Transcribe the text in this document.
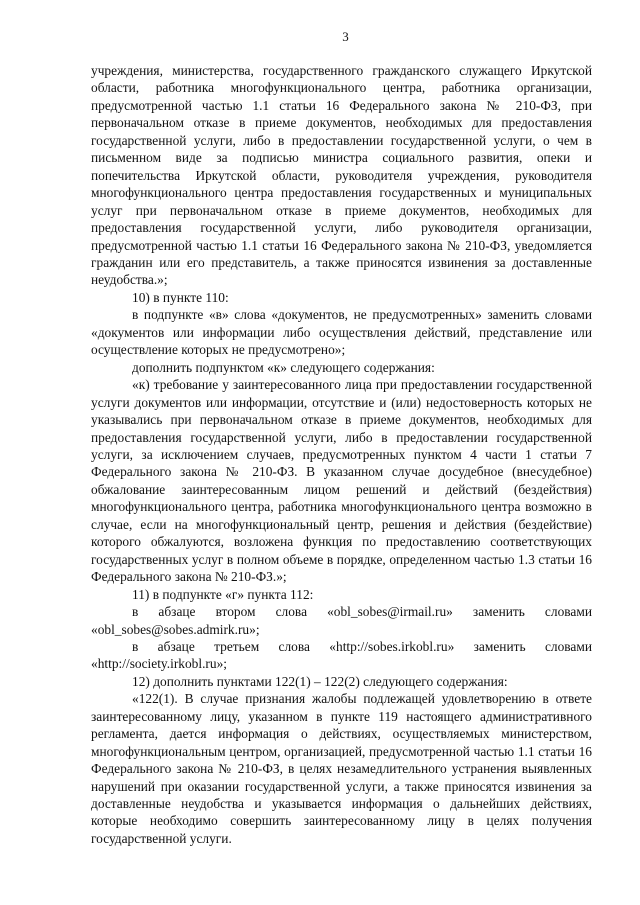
3

учреждения, министерства, государственного гражданского служащего Иркутской области, работника многофункционального центра, работника организации, предусмотренной частью 1.1 статьи 16 Федерального закона № 210-ФЗ, при первоначальном отказе в приеме документов, необходимых для предоставления государственной услуги, либо в предоставлении государственной услуги, о чем в письменном виде за подписью министра социального развития, опеки и попечительства Иркутской области, руководителя учреждения, руководителя многофункционального центра предоставления государственных и муниципальных услуг при первоначальном отказе в приеме документов, необходимых для предоставления государственной услуги, либо руководителя организации, предусмотренной частью 1.1 статьи 16 Федерального закона № 210-ФЗ, уведомляется гражданин или его представитель, а также приносятся извинения за доставленные неудобства.»;

10) в пункте 110:

в подпункте «в» слова «документов, не предусмотренных» заменить словами «документов или информации либо осуществления действий, представление или осуществление которых не предусмотрено»;

дополнить подпунктом «к» следующего содержания:

«к) требование у заинтересованного лица при предоставлении государственной услуги документов или информации, отсутствие и (или) недостоверность которых не указывались при первоначальном отказе в приеме документов, необходимых для предоставления государственной услуги, либо в предоставлении государственной услуги, за исключением случаев, предусмотренных пунктом 4 части 1 статьи 7 Федерального закона № 210-ФЗ. В указанном случае досудебное (внесудебное) обжалование заинтересованным лицом решений и действий (бездействия) многофункционального центра, работника многофункционального центра возможно в случае, если на многофункциональный центр, решения и действия (бездействие) которого обжалуются, возложена функция по предоставлению соответствующих государственных услуг в полном объеме в порядке, определенном частью 1.3 статьи 16 Федерального закона № 210-ФЗ.»;

11) в подпункте «г» пункта 112:

в абзаце втором слова «obl_sobes@irmail.ru» заменить словами «obl_sobes@sobes.admirk.ru»;

в абзаце третьем слова «http://sobes.irkobl.ru» заменить словами «http://society.irkobl.ru»;

12) дополнить пунктами 122(1) – 122(2) следующего содержания:

«122(1). В случае признания жалобы подлежащей удовлетворению в ответе заинтересованному лицу, указанном в пункте 119 настоящего административного регламента, дается информация о действиях, осуществляемых министерством, многофункциональным центром, организацией, предусмотренной частью 1.1 статьи 16 Федерального закона № 210-ФЗ, в целях незамедлительного устранения выявленных нарушений при оказании государственной услуги, а также приносятся извинения за доставленные неудобства и указывается информация о дальнейших действиях, которые необходимо совершить заинтересованному лицу в целях получения государственной услуги.
